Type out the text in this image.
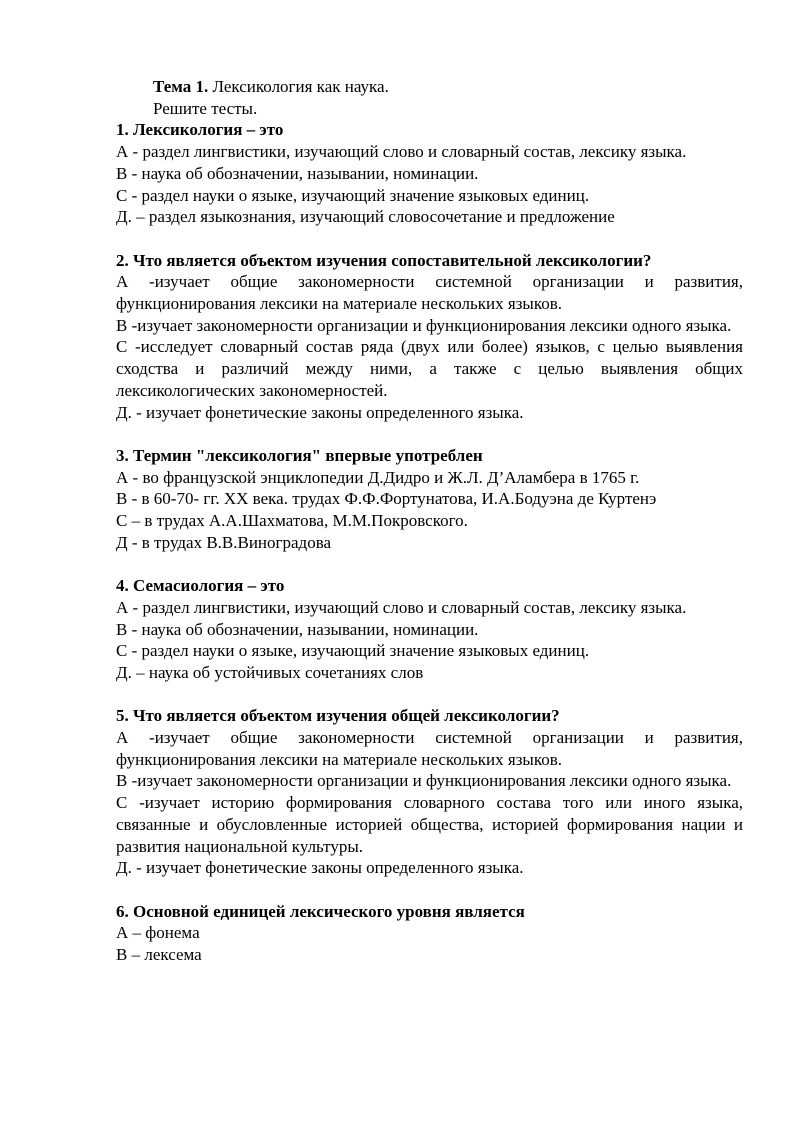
Тема 1. Лексикология как наука.

Решите тесты.

1. Лексикология – это

А - раздел лингвистики, изучающий слово и словарный состав, лексику языка.

В - наука об обозначении, назывании, номинации.

С - раздел науки о языке, изучающий значение языковых единиц.

Д. – раздел языкознания, изучающий словосочетание и предложение

2. Что является объектом изучения сопоставительной лексикологии?

А -изучает общие закономерности системной организации и развития, функционирования лексики на материале нескольких языков.

В -изучает закономерности организации и функционирования лексики одного языка.

С -исследует словарный состав ряда (двух или более) языков, с целью выявления сходства и различий между ними, а также с целью выявления общих лексикологических закономерностей.

Д. - изучает фонетические законы определенного языка.

3. Термин "лексикология" впервые употреблен

А - во французской энциклопедии Д.Дидро и Ж.Л. Д’Аламбера в 1765 г.

В - в 60-70- гг. ХХ века. трудах Ф.Ф.Фортунатова, И.А.Бодуэна де Куртенэ

С – в трудах А.А.Шахматова, М.М.Покровского.

Д - в трудах В.В.Виноградова

4. Семасиология – это

А - раздел лингвистики, изучающий слово и словарный состав, лексику языка.

В - наука об обозначении, назывании, номинации.

С - раздел науки о языке, изучающий значение языковых единиц.

Д. – наука об устойчивых сочетаниях слов

5. Что является объектом изучения общей лексикологии?

А -изучает общие закономерности системной организации и развития, функционирования лексики на материале нескольких языков.

В -изучает закономерности организации и функционирования лексики одного языка.

С -изучает историю формирования словарного состава того или иного языка, связанные и обусловленные историей общества, историей формирования нации и развития национальной культуры.

Д. - изучает фонетические законы определенного языка.

6. Основной единицей лексического уровня является

А – фонема

В – лексема
